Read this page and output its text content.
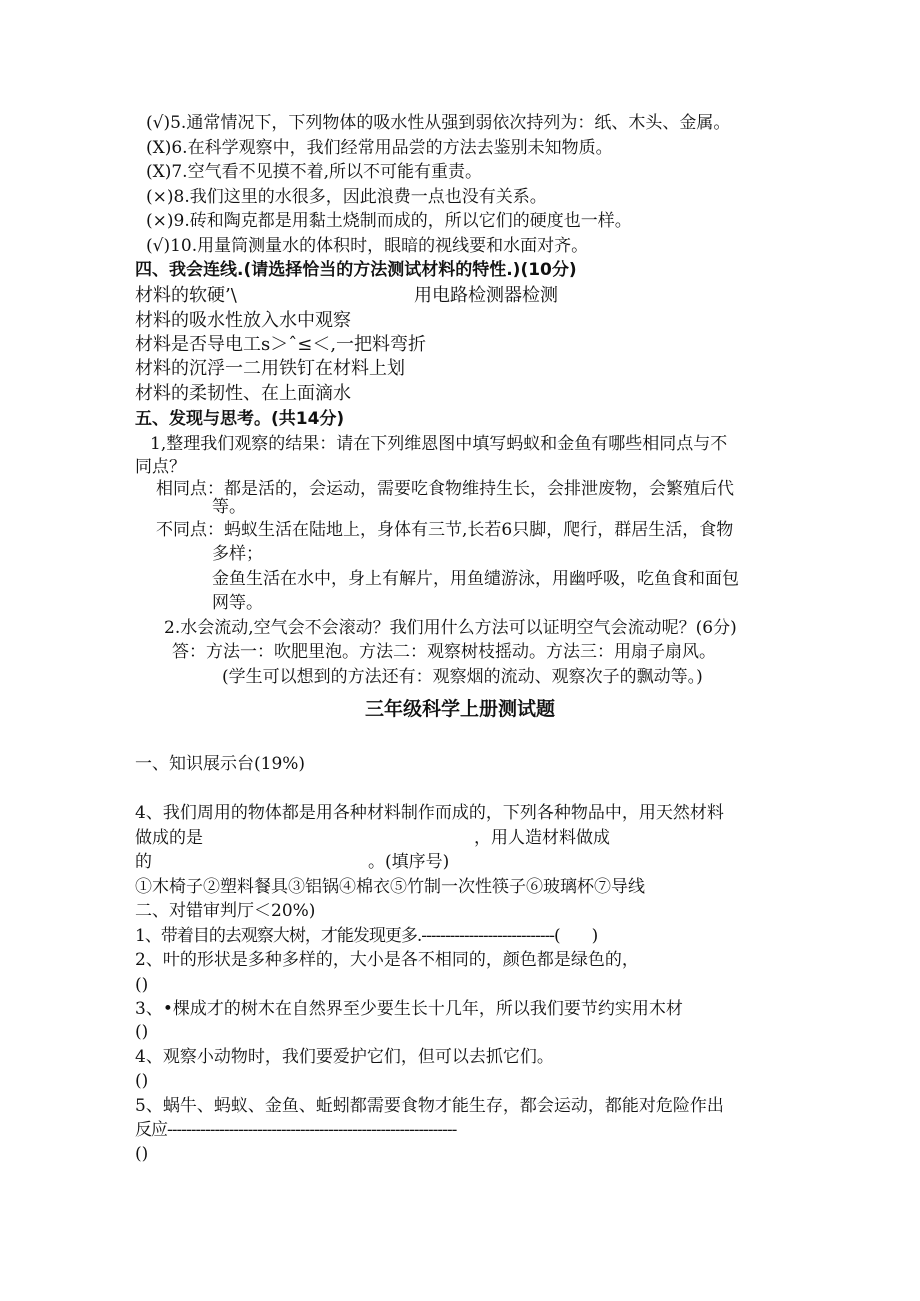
(√)5.通常情况下，下列物体的吸水性从强到弱依次持列为：纸、木头、金属。
(X)6.在科学观察中，我们经常用品尝的方法去鉴别未知物质。
(X)7.空气看不见摸不着,所以不可能有重责。
(×)8.我们这里的水很多，因此浪费一点也没有关系。
(×)9.砖和陶克都是用黏土烧制而成的，所以它们的硬度也一样。
(√)10.用量筒测量水的体积时，眼暗的视线要和水面对齐。
四、我会连线.(请选择恰当的方法测试材料的特性.)(10分)
材料的软硬’\	用电路检测器检测
材料的吸水性放入水中观察
材料是否导电工s＞ˆ≤＜,一把料弯折
材料的沉浮一二用铁钉在材料上划
材料的柔韧性、在上面滴水
五、发现与思考。(共14分)
1,整理我们观察的结果：请在下列维恩图中填写蚂蚁和金鱼有哪些相同点与不
同点？
相同点：都是活的，会运动，需要吃食物维持生长，会排泄废物，会繁殖后代
等。
不同点：蚂蚁生活在陆地上，身体有三节,长若6只脚，爬行，群居生活，食物
多样；
金鱼生活在水中，身上有解片，用鱼缱游泳，用幽呼吸，吃鱼食和面包
网等。
2.水会流动,空气会不会滚动？我们用什么方法可以证明空气会流动呢？(6分)
答：方法一：吹肥里泡。方法二：观察树枝摇动。方法三：用扇子扇风。
(学生可以想到的方法还有：观察烟的流动、观察次子的飘动等。)
三年级科学上册测试题
一、知识展示台(19%)
4、我们周用的物体都是用各种材料制作而成的，下列各种物品中，用天然材料
做成的是	，用人造材料做成
的	。(填序号)
①木椅子②塑料餐具③铝锅④棉衣⑤竹制一次性筷子⑥玻璃杯⑦导线
二、对错审判厅＜20%)
1、带着目的去观察大树，才能发现更多.----------------------------(　　)
2、叶的形状是多种多样的，大小是各不相同的，颜色都是绿色的，
()
3、•棵成才的树木在自然界至少要生长十几年，所以我们要节约实用木材
()
4、观察小动物时，我们要爱护它们，但可以去抓它们。
()
5、蜗牛、蚂蚁、金鱼、蚯蚓都需要食物才能生存，都会运动，都能对危险作出
反应-------------------------------------------------------------
()
